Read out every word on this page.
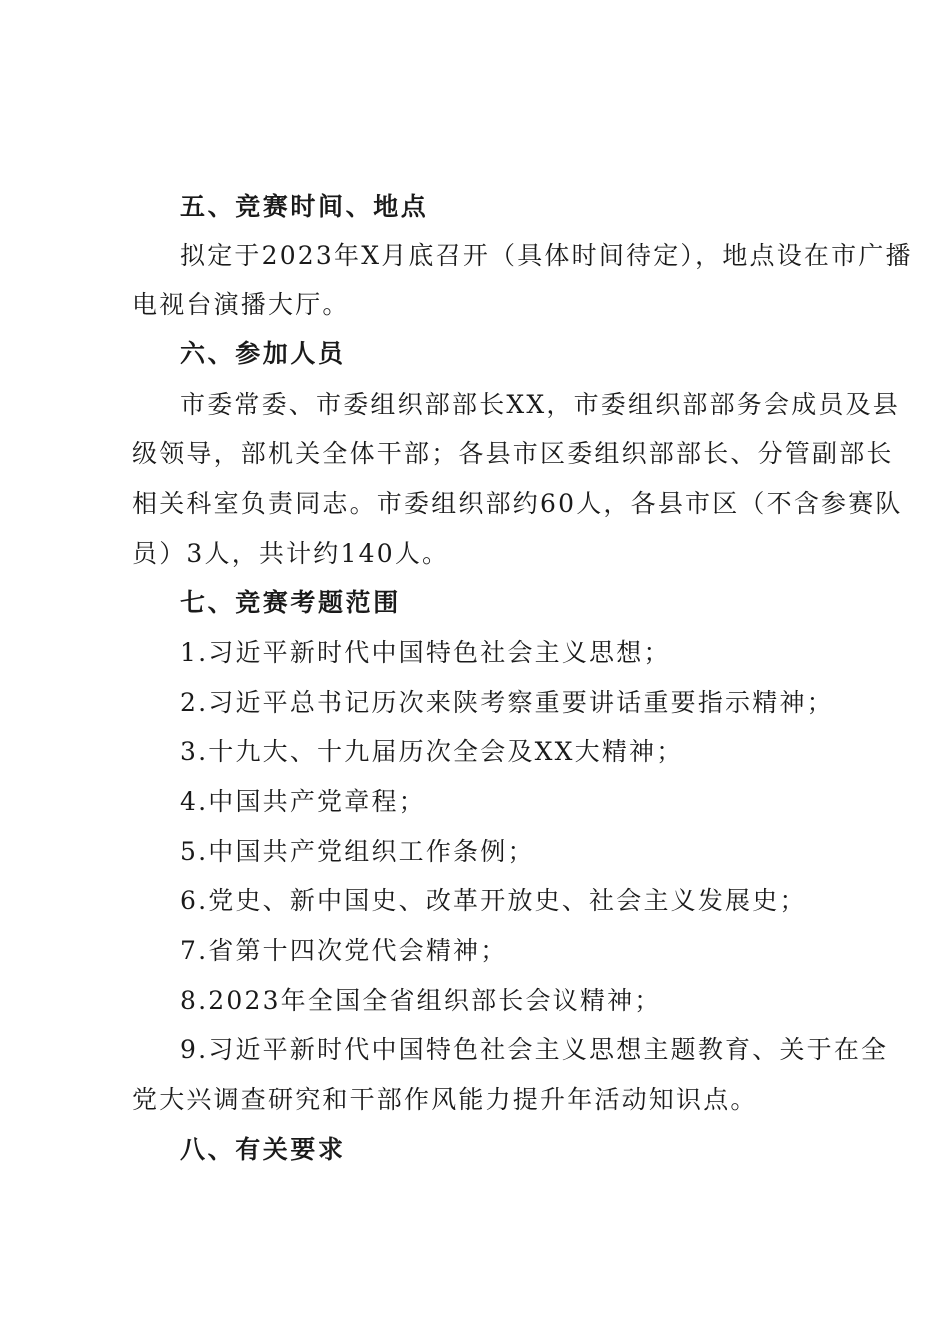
五、竞赛时间、地点
拟定于2023年X月底召开（具体时间待定），地点设在市广播
电视台演播大厅。
六、参加人员
市委常委、市委组织部部长XX，市委组织部部务会成员及县
级领导，部机关全体干部；各县市区委组织部部长、分管副部长
相关科室负责同志。市委组织部约60人，各县市区（不含参赛队
员）3人，共计约140人。
七、竞赛考题范围
1.习近平新时代中国特色社会主义思想；
2.习近平总书记历次来陕考察重要讲话重要指示精神；
3.十九大、十九届历次全会及XX大精神；
4.中国共产党章程；
5.中国共产党组织工作条例；
6.党史、新中国史、改革开放史、社会主义发展史；
7.省第十四次党代会精神；
8.2023年全国全省组织部长会议精神；
9.习近平新时代中国特色社会主义思想主题教育、关于在全
党大兴调查研究和干部作风能力提升年活动知识点。
八、有关要求
